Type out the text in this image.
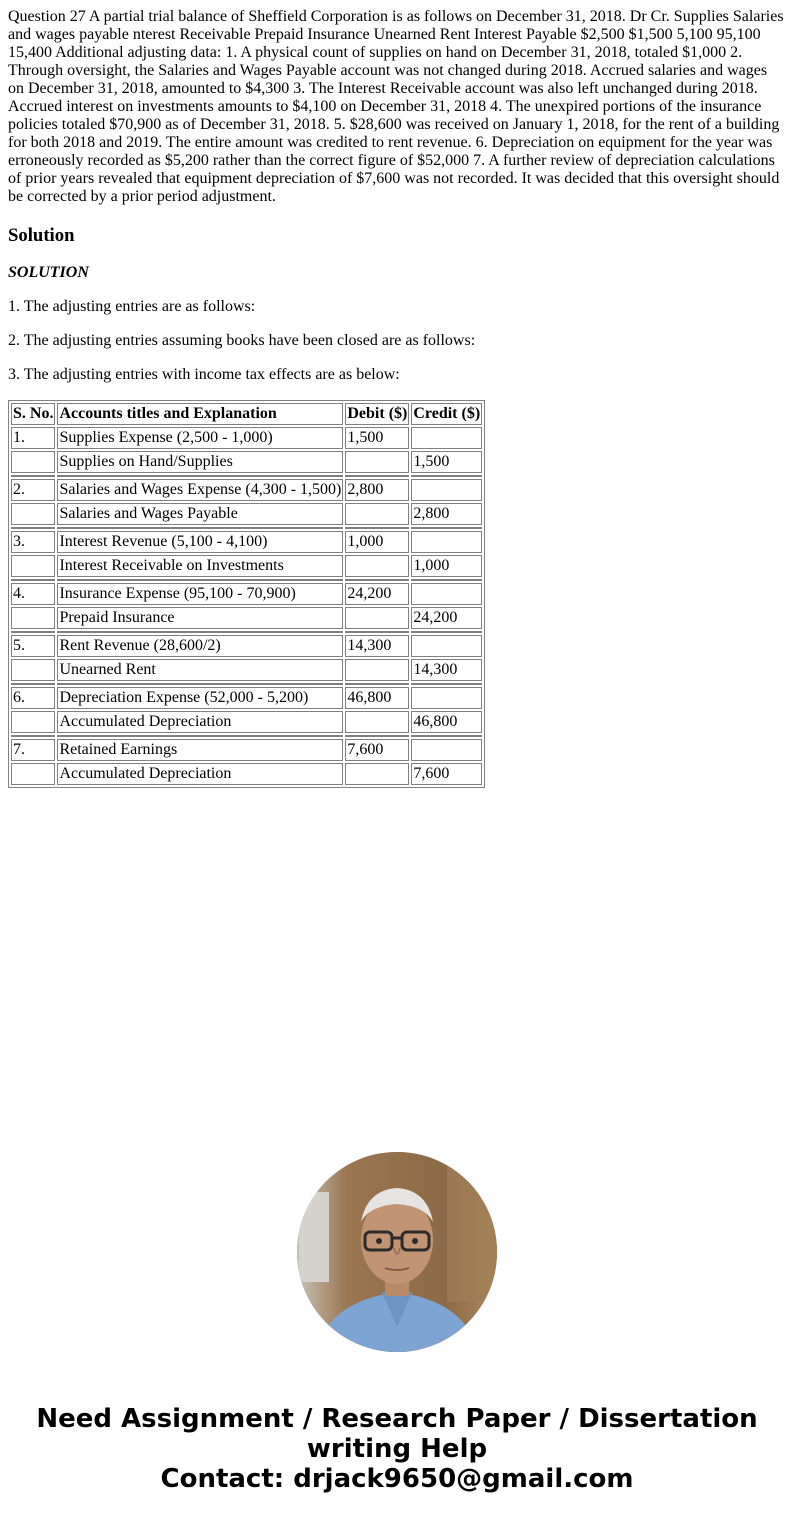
Question 27 A partial trial balance of Sheffield Corporation is as follows on December 31, 2018. Dr Cr. Supplies Salaries and wages payable nterest Receivable Prepaid Insurance Unearned Rent Interest Payable $2,500 $1,500 5,100 95,100 15,400 Additional adjusting data: 1. A physical count of supplies on hand on December 31, 2018, totaled $1,000 2. Through oversight, the Salaries and Wages Payable account was not changed during 2018. Accrued salaries and wages on December 31, 2018, amounted to $4,300 3. The Interest Receivable account was also left unchanged during 2018. Accrued interest on investments amounts to $4,100 on December 31, 2018 4. The unexpired portions of the insurance policies totaled $70,900 as of December 31, 2018. 5. $28,600 was received on January 1, 2018, for the rent of a building for both 2018 and 2019. The entire amount was credited to rent revenue. 6. Depreciation on equipment for the year was erroneously recorded as $5,200 rather than the correct figure of $52,000 7. A further review of depreciation calculations of prior years revealed that equipment depreciation of $7,600 was not recorded. It was decided that this oversight should be corrected by a prior period adjustment.

Solution

SOLUTION

1. The adjusting entries are as follows:

2. The adjusting entries assuming books have been closed are as follows:

3. The adjusting entries with income tax effects are as below:

S. No.	Accounts titles and Explanation	Debit ($)	Credit ($)
1.	Supplies Expense (2,500 - 1,000)	1,500	
	Supplies on Hand/Supplies		1,500

2.	Salaries and Wages Expense (4,300 - 1,500)	2,800	
	Salaries and Wages Payable		2,800

3.	Interest Revenue (5,100 - 4,100)	1,000	
	Interest Receivable on Investments		1,000

4.	Insurance Expense (95,100 - 70,900)	24,200	
	Prepaid Insurance		24,200

5.	Rent Revenue (28,600/2)	14,300	
	Unearned Rent		14,300

6.	Depreciation Expense (52,000 - 5,200)	46,800	
	Accumulated Depreciation		46,800

7.	Retained Earnings	7,600	
	Accumulated Depreciation		7,600
Need Assignment / Research Paper / Dissertation
writing Help
Contact: drjack9650@gmail.com
